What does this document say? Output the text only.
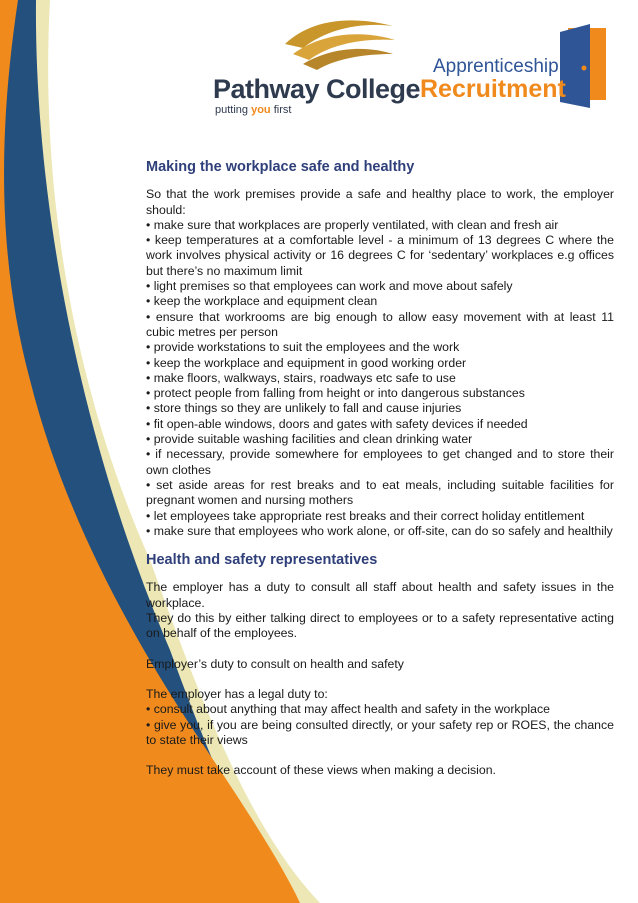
Pathway College
putting you first
Apprenticeship
Recruitment
Making the workplace safe and healthy

So that the work premises provide a safe and healthy place to work, the employer should:

• make sure that workplaces are properly ventilated, with clean and fresh air
• keep temperatures at a comfortable level - a minimum of 13 degrees C where the work involves physical activity or 16 degrees C for ‘sedentary’ workplaces e.g offices but there’s no maximum limit
• light premises so that employees can work and move about safely
• keep the workplace and equipment clean
• ensure that workrooms are big enough to allow easy movement with at least 11 cubic metres per person
• provide workstations to suit the employees and the work
• keep the workplace and equipment in good working order
• make floors, walkways, stairs, roadways etc safe to use
• protect people from falling from height or into dangerous substances
• store things so they are unlikely to fall and cause injuries
• fit open-able windows, doors and gates with safety devices if needed
• provide suitable washing facilities and clean drinking water
• if necessary, provide somewhere for employees to get changed and to store their own clothes
• set aside areas for rest breaks and to eat meals, including suitable facilities for pregnant women and nursing mothers
• let employees take appropriate rest breaks and their correct holiday entitlement
• make sure that employees who work alone, or off-site, can do so safely and healthily
Health and safety representatives

The employer has a duty to consult all staff about health and safety issues in the workplace.

They do this by either talking direct to employees or to a safety representative acting on behalf of the employees.

Employer’s duty to consult on health and safety

The employer has a legal duty to:

• consult about anything that may affect health and safety in the workplace
• give you, if you are being consulted directly, or your safety rep or ROES, the chance to state their views

They must take account of these views when making a decision.
